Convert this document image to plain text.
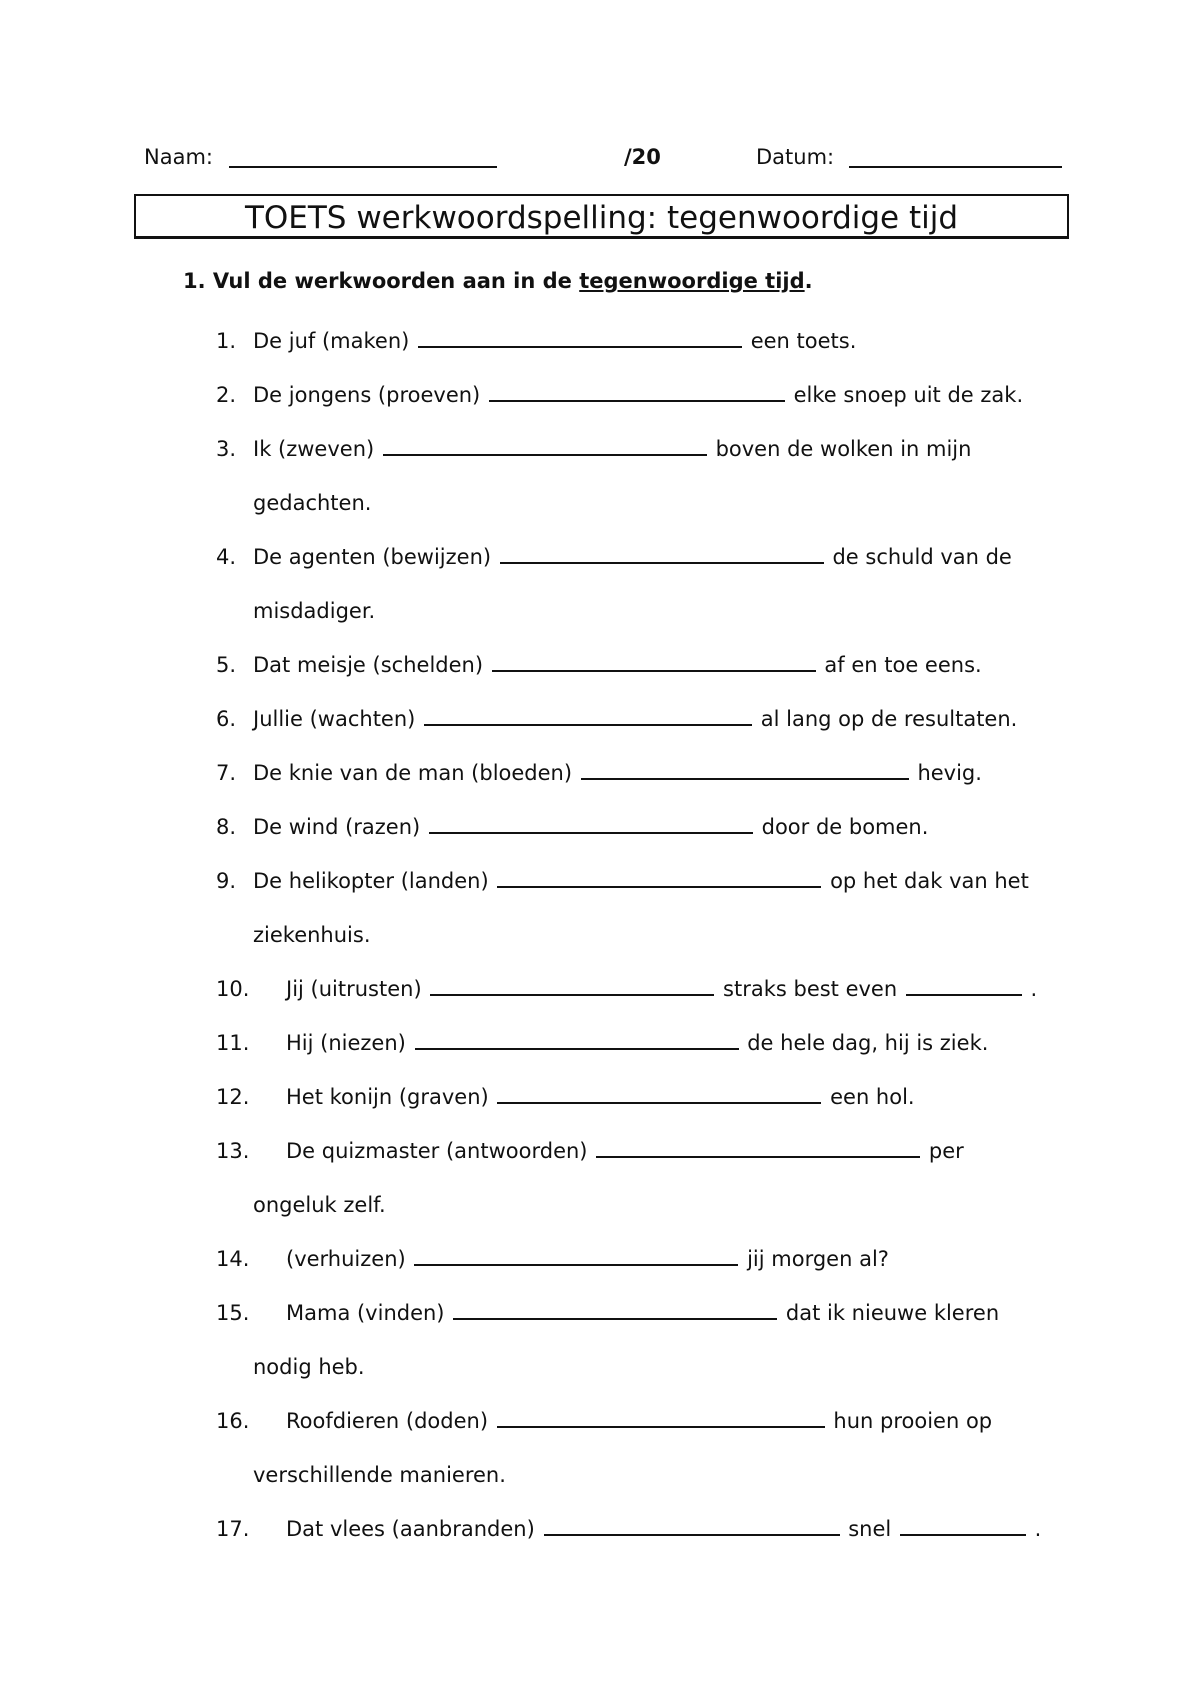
Naam:	/20	Datum:
TOETS werkwoordspelling: tegenwoordige tijd
1. Vul de werkwoorden aan in de tegenwoordige tijd.
1. De juf (maken)	een toets.
2. De jongens (proeven)	elke snoep uit de zak.
3. Ik (zweven)	boven de wolken in mijn
gedachten.
4. De agenten (bewijzen)	de schuld van de
misdadiger.
5. Dat meisje (schelden)	af en toe eens.
6. Jullie (wachten)	al lang op de resultaten.
7. De knie van de man (bloeden)	hevig.
8. De wind (razen)	door de bomen.
9. De helikopter (landen)	op het dak van het
ziekenhuis.
10. Jij (uitrusten)	straks best even	.
11. Hij (niezen)	de hele dag, hij is ziek.
12. Het konijn (graven)	een hol.
13. De quizmaster (antwoorden)	per
ongeluk zelf.
14. (verhuizen)	jij morgen al?
15. Mama (vinden)	dat ik nieuwe kleren
nodig heb.
16. Roofdieren (doden)	hun prooien op
verschillende manieren.
17. Dat vlees (aanbranden)	snel	.
